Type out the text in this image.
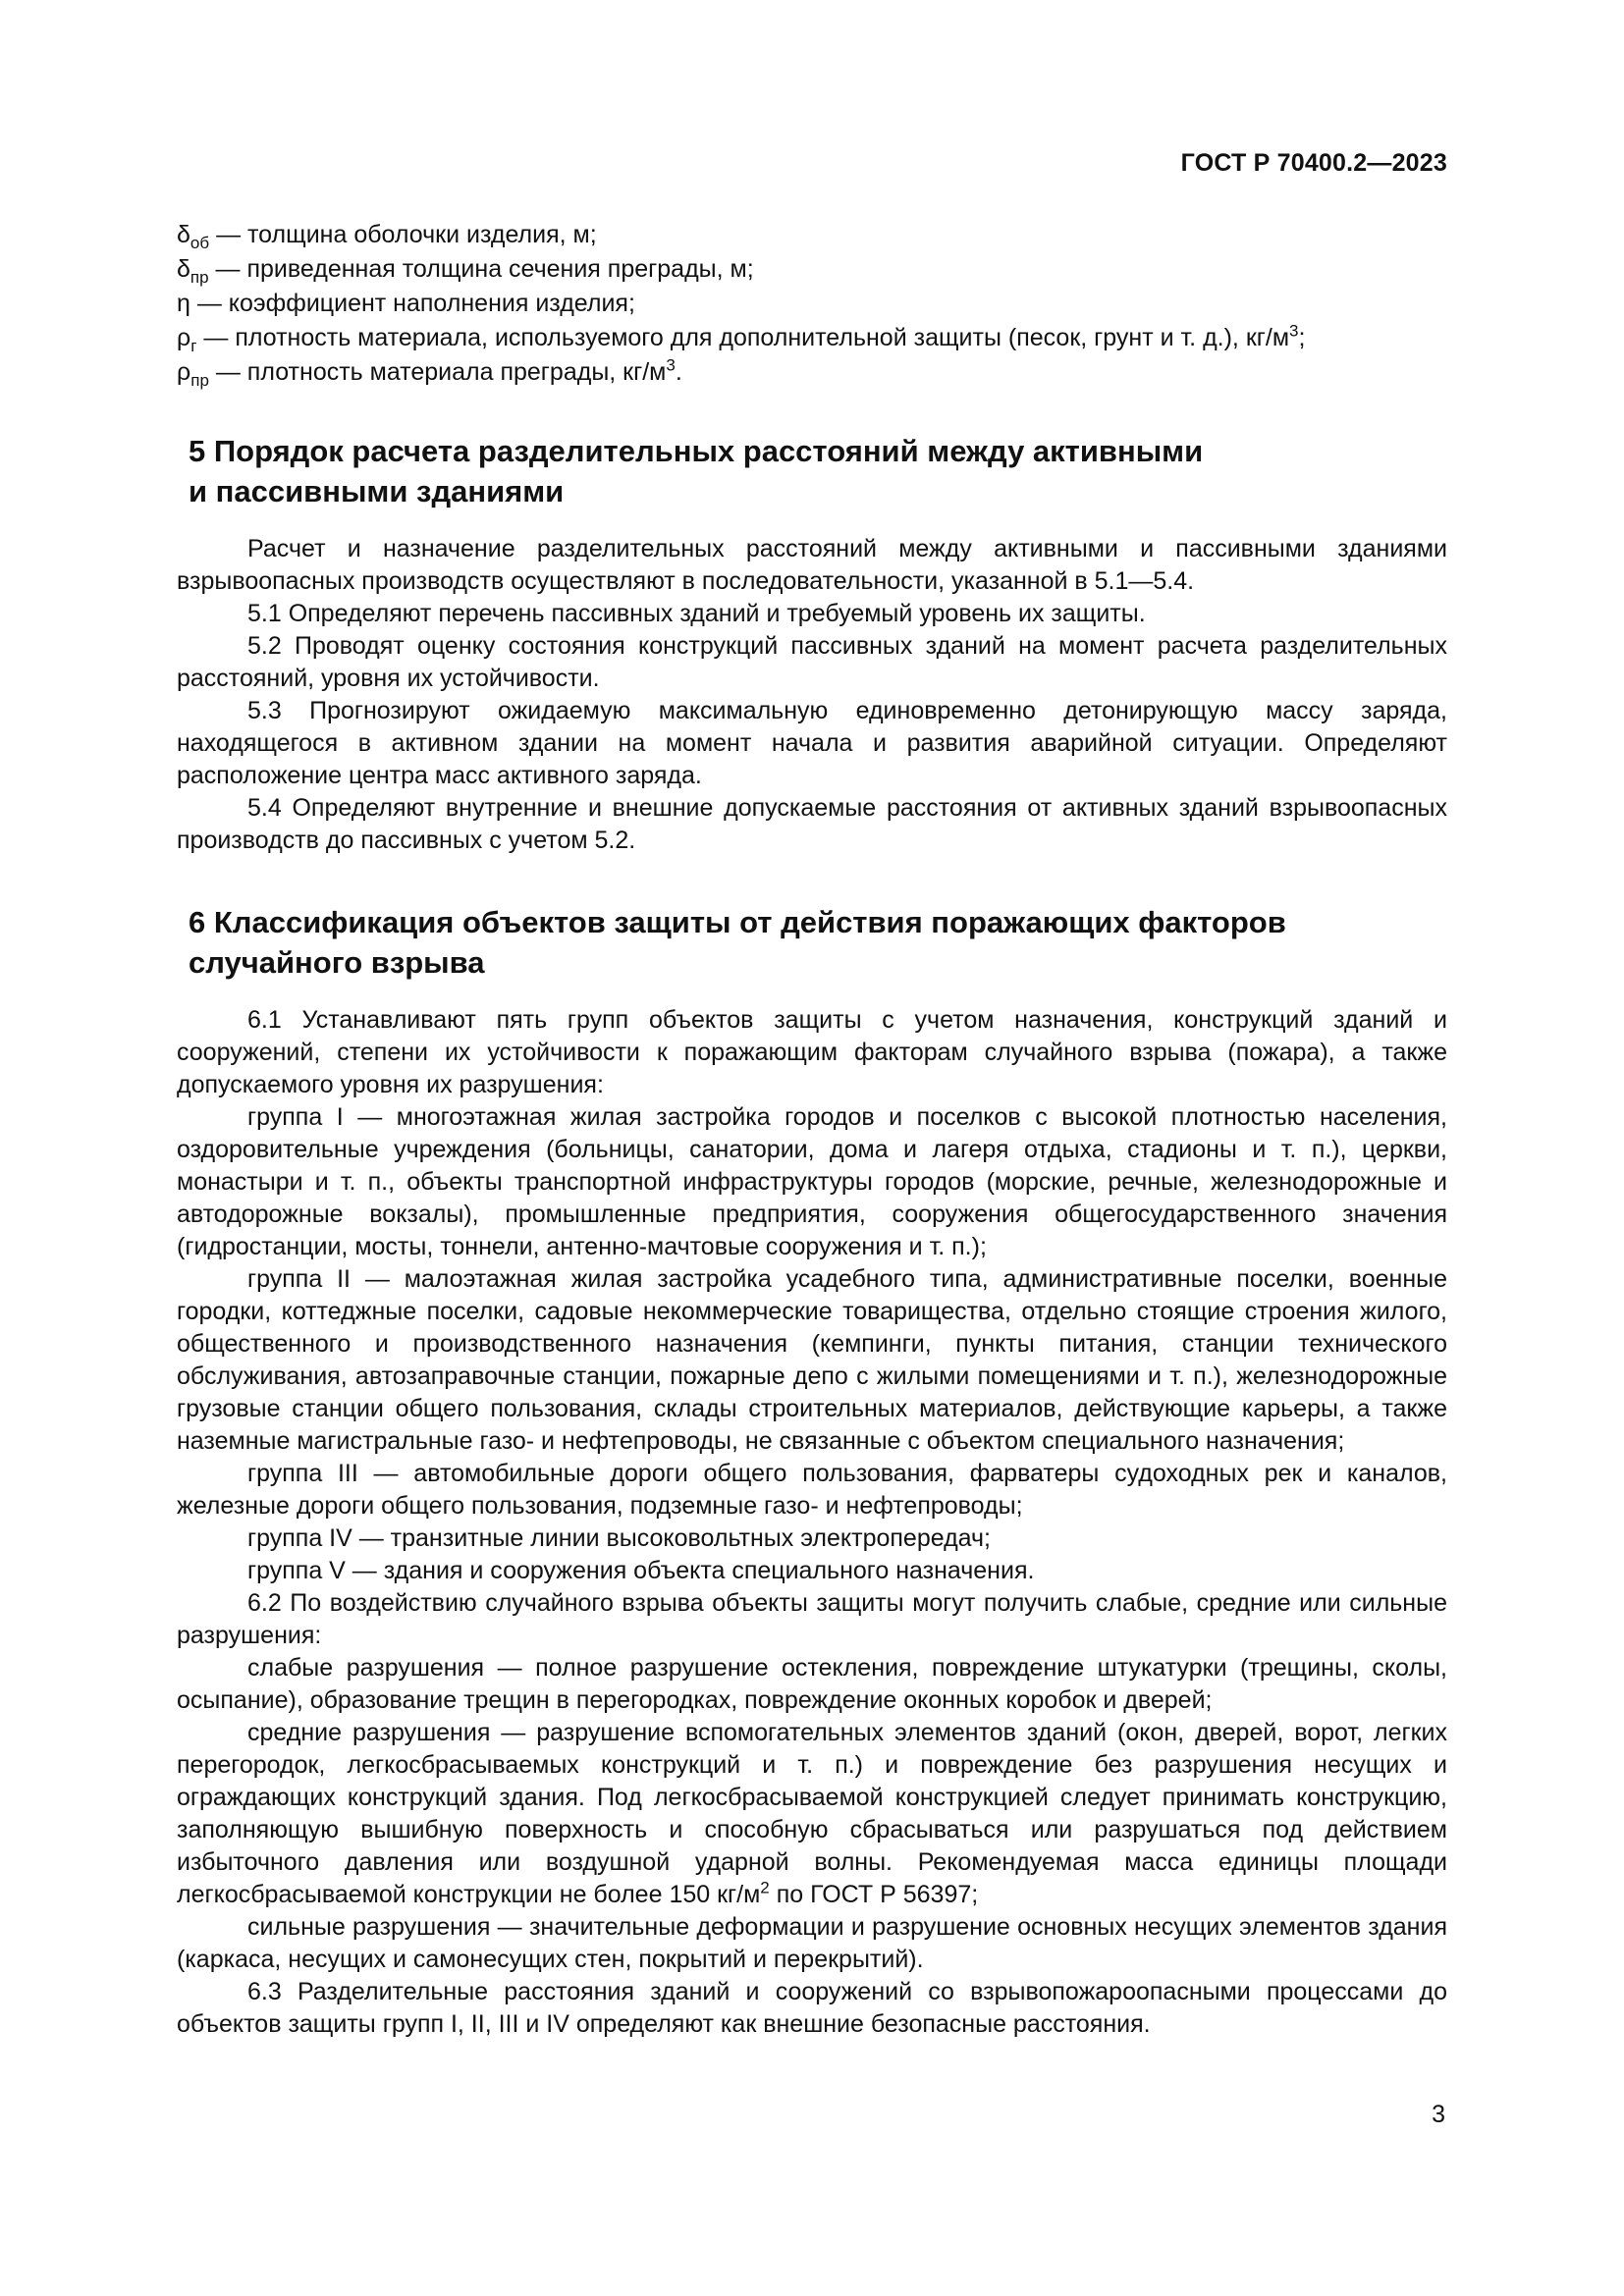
ГОСТ Р 70400.2—2023

$\delta_{об}$ — толщина оболочки изделия, м;

$\delta_{пр}$ — приведенная толщина сечения преграды, м;

η — коэффициент наполнения изделия;

$\rho_г$ — плотность материала, используемого для дополнительной защиты (песок, грунт и т. д.), $кг/м^3$;

$\rho_{пр}$ — плотность материала преграды, $кг/м^3$.

5 Порядок расчета разделительных расстояний между активными
и пассивными зданиями

Расчет и назначение разделительных расстояний между активными и пассивными зданиями взрывоопасных производств осуществляют в последовательности, указанной в 5.1—5.4.

5.1 Определяют перечень пассивных зданий и требуемый уровень их защиты.

5.2 Проводят оценку состояния конструкций пассивных зданий на момент расчета разделительных расстояний, уровня их устойчивости.

5.3 Прогнозируют ожидаемую максимальную единовременно детонирующую массу заряда, находящегося в активном здании на момент начала и развития аварийной ситуации. Определяют расположение центра масс активного заряда.

5.4 Определяют внутренние и внешние допускаемые расстояния от активных зданий взрывоопасных производств до пассивных с учетом 5.2.

6 Классификация объектов защиты от действия поражающих факторов
случайного взрыва

6.1 Устанавливают пять групп объектов защиты с учетом назначения, конструкций зданий и сооружений, степени их устойчивости к поражающим факторам случайного взрыва (пожара), а также допускаемого уровня их разрушения:

группа I — многоэтажная жилая застройка городов и поселков с высокой плотностью населения, оздоровительные учреждения (больницы, санатории, дома и лагеря отдыха, стадионы и т. п.), церкви, монастыри и т. п., объекты транспортной инфраструктуры городов (морские, речные, железнодорожные и автодорожные вокзалы), промышленные предприятия, сооружения общегосударственного значения (гидростанции, мосты, тоннели, антенно-мачтовые сооружения и т. п.);

группа II — малоэтажная жилая застройка усадебного типа, административные поселки, военные городки, коттеджные поселки, садовые некоммерческие товарищества, отдельно стоящие строения жилого, общественного и производственного назначения (кемпинги, пункты питания, станции технического обслуживания, автозаправочные станции, пожарные депо с жилыми помещениями и т. п.), железнодорожные грузовые станции общего пользования, склады строительных материалов, действующие карьеры, а также наземные магистральные газо- и нефтепроводы, не связанные с объектом специального назначения;

группа III — автомобильные дороги общего пользования, фарватеры судоходных рек и каналов, железные дороги общего пользования, подземные газо- и нефтепроводы;

группа IV — транзитные линии высоковольтных электропередач;

группа V — здания и сооружения объекта специального назначения.

6.2 По воздействию случайного взрыва объекты защиты могут получить слабые, средние или сильные разрушения:

слабые разрушения — полное разрушение остекления, повреждение штукатурки (трещины, сколы, осыпание), образование трещин в перегородках, повреждение оконных коробок и дверей;

средние разрушения — разрушение вспомогательных элементов зданий (окон, дверей, ворот, легких перегородок, легкосбрасываемых конструкций и т. п.) и повреждение без разрушения несущих и ограждающих конструкций здания. Под легкосбрасываемой конструкцией следует принимать конструкцию, заполняющую вышибную поверхность и способную сбрасываться или разрушаться под действием избыточного давления или воздушной ударной волны. Рекомендуемая масса единицы площади легкосбрасываемой конструкции не более 150 $кг/м^2$ по ГОСТ Р 56397;

сильные разрушения — значительные деформации и разрушение основных несущих элементов здания (каркаса, несущих и самонесущих стен, покрытий и перекрытий).

6.3 Разделительные расстояния зданий и сооружений со взрывопожароопасными процессами до объектов защиты групп I, II, III и IV определяют как внешние безопасные расстояния.

3
